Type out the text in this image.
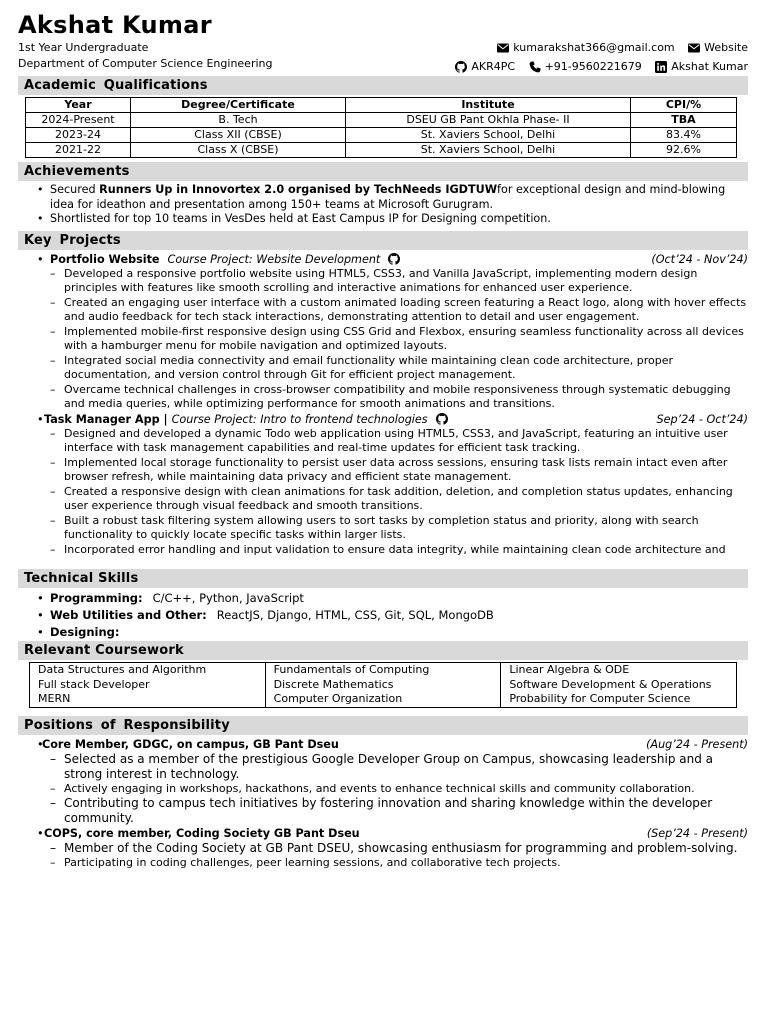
Akshat Kumar
1st Year Undergraduate
Department of Computer Science Engineering
kumarakshat366@gmail.com
	Website
AKR4PC
	+91-9560221679
	Akshat Kumar
Academic Qualifications
Year	Degree/Certificate	Institute	CPI/%
2024-Present	B. Tech	DSEU GB Pant Okhla Phase- II	TBA
2023-24	Class XII (CBSE)	St. Xaviers School, Delhi	83.4%
2021-22	Class X (CBSE)	St. Xaviers School, Delhi	92.6%
Achievements
• Secured Runners Up in Innovortex 2.0 organised by TechNeeds IGDTUWfor exceptional design and mind-blowing idea for ideathon and presentation among 150+ teams at Microsoft Gurugram.
• Shortlisted for top 10 teams in VesDes held at East Campus IP for Designing competition.
Key Projects
• Portfolio Website Course Project: Website Development	(Oct’24 - Nov’24)
– Developed a responsive portfolio website using HTML5, CSS3, and Vanilla JavaScript, implementing modern design principles with features like smooth scrolling and interactive animations for enhanced user experience.
– Created an engaging user interface with a custom animated loading screen featuring a React logo, along with hover effects and audio feedback for tech stack interactions, demonstrating attention to detail and user engagement.
– Implemented mobile-first responsive design using CSS Grid and Flexbox, ensuring seamless functionality across all devices with a hamburger menu for mobile navigation and optimized layouts.
– Integrated social media connectivity and email functionality while maintaining clean code architecture, proper documentation, and version control through Git for efficient project management.
– Overcame technical challenges in cross-browser compatibility and mobile responsiveness through systematic debugging and media queries, while optimizing performance for smooth animations and transitions.
• Task Manager App | Course Project: Intro to frontend technologies	Sep’24 - Oct’24)
– Designed and developed a dynamic Todo web application using HTML5, CSS3, and JavaScript, featuring an intuitive user interface with task management capabilities and real-time updates for efficient task tracking.
– Implemented local storage functionality to persist user data across sessions, ensuring task lists remain intact even after browser refresh, while maintaining data privacy and efficient state management.
– Created a responsive design with clean animations for task addition, deletion, and completion status updates, enhancing user experience through visual feedback and smooth transitions.
– Built a robust task filtering system allowing users to sort tasks by completion status and priority, along with search functionality to quickly locate specific tasks within larger lists.
– Incorporated error handling and input validation to ensure data integrity, while maintaining clean code architecture and
Technical Skills
• Programming: C/C++, Python, JavaScript
• Web Utilities and Other: ReactJS, Django, HTML, CSS, Git, SQL, MongoDB
• Designing:
Relevant Coursework
Data Structures and Algorithm	Fundamentals of Computing	Linear Algebra & ODE
Full stack Developer	Discrete Mathematics	Software Development & Operations
MERN	Computer Organization	Probability for Computer Science
Positions of Responsibility
• Core Member, GDGC, on campus, GB Pant Dseu	(Aug’24 - Present)
– Selected as a member of the prestigious Google Developer Group on Campus, showcasing leadership and a strong interest in technology.
– Actively engaging in workshops, hackathons, and events to enhance technical skills and community collaboration.
– Contributing to campus tech initiatives by fostering innovation and sharing knowledge within the developer community.
• COPS, core member, Coding Society GB Pant Dseu	(Sep’24 - Present)
– Member of the Coding Society at GB Pant DSEU, showcasing enthusiasm for programming and problem-solving.
– Participating in coding challenges, peer learning sessions, and collaborative tech projects.
